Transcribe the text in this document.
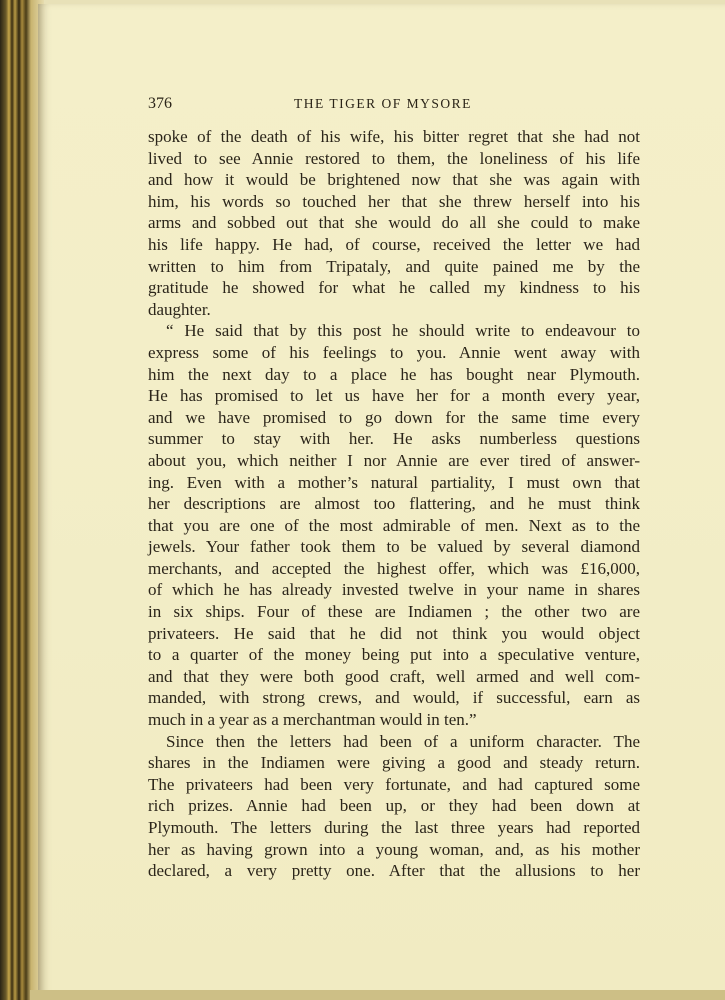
376	THE TIGER OF MYSORE
spoke of the death of his wife, his bitter regret that she had not
lived to see Annie restored to them, the loneliness of his life
and how it would be brightened now that she was again with
him, his words so touched her that she threw herself into his
arms and sobbed out that she would do all she could to make
his life happy. He had, of course, received the letter we had
written to him from Tripataly, and quite pained me by the
gratitude he showed for what he called my kindness to his
daughter.
“ He said that by this post he should write to endeavour to
express some of his feelings to you. Annie went away with
him the next day to a place he has bought near Plymouth.
He has promised to let us have her for a month every year,
and we have promised to go down for the same time every
summer to stay with her. He asks numberless questions
about you, which neither I nor Annie are ever tired of answer-
ing. Even with a mother’s natural partiality, I must own that
her descriptions are almost too flattering, and he must think
that you are one of the most admirable of men. Next as to the
jewels. Your father took them to be valued by several diamond
merchants, and accepted the highest offer, which was £16,000,
of which he has already invested twelve in your name in shares
in six ships. Four of these are Indiamen ; the other two are
privateers. He said that he did not think you would object
to a quarter of the money being put into a speculative venture,
and that they were both good craft, well armed and well com-
manded, with strong crews, and would, if successful, earn as
much in a year as a merchantman would in ten.”
Since then the letters had been of a uniform character. The
shares in the Indiamen were giving a good and steady return.
The privateers had been very fortunate, and had captured some
rich prizes. Annie had been up, or they had been down at
Plymouth. The letters during the last three years had reported
her as having grown into a young woman, and, as his mother
declared, a very pretty one. After that the allusions to her
